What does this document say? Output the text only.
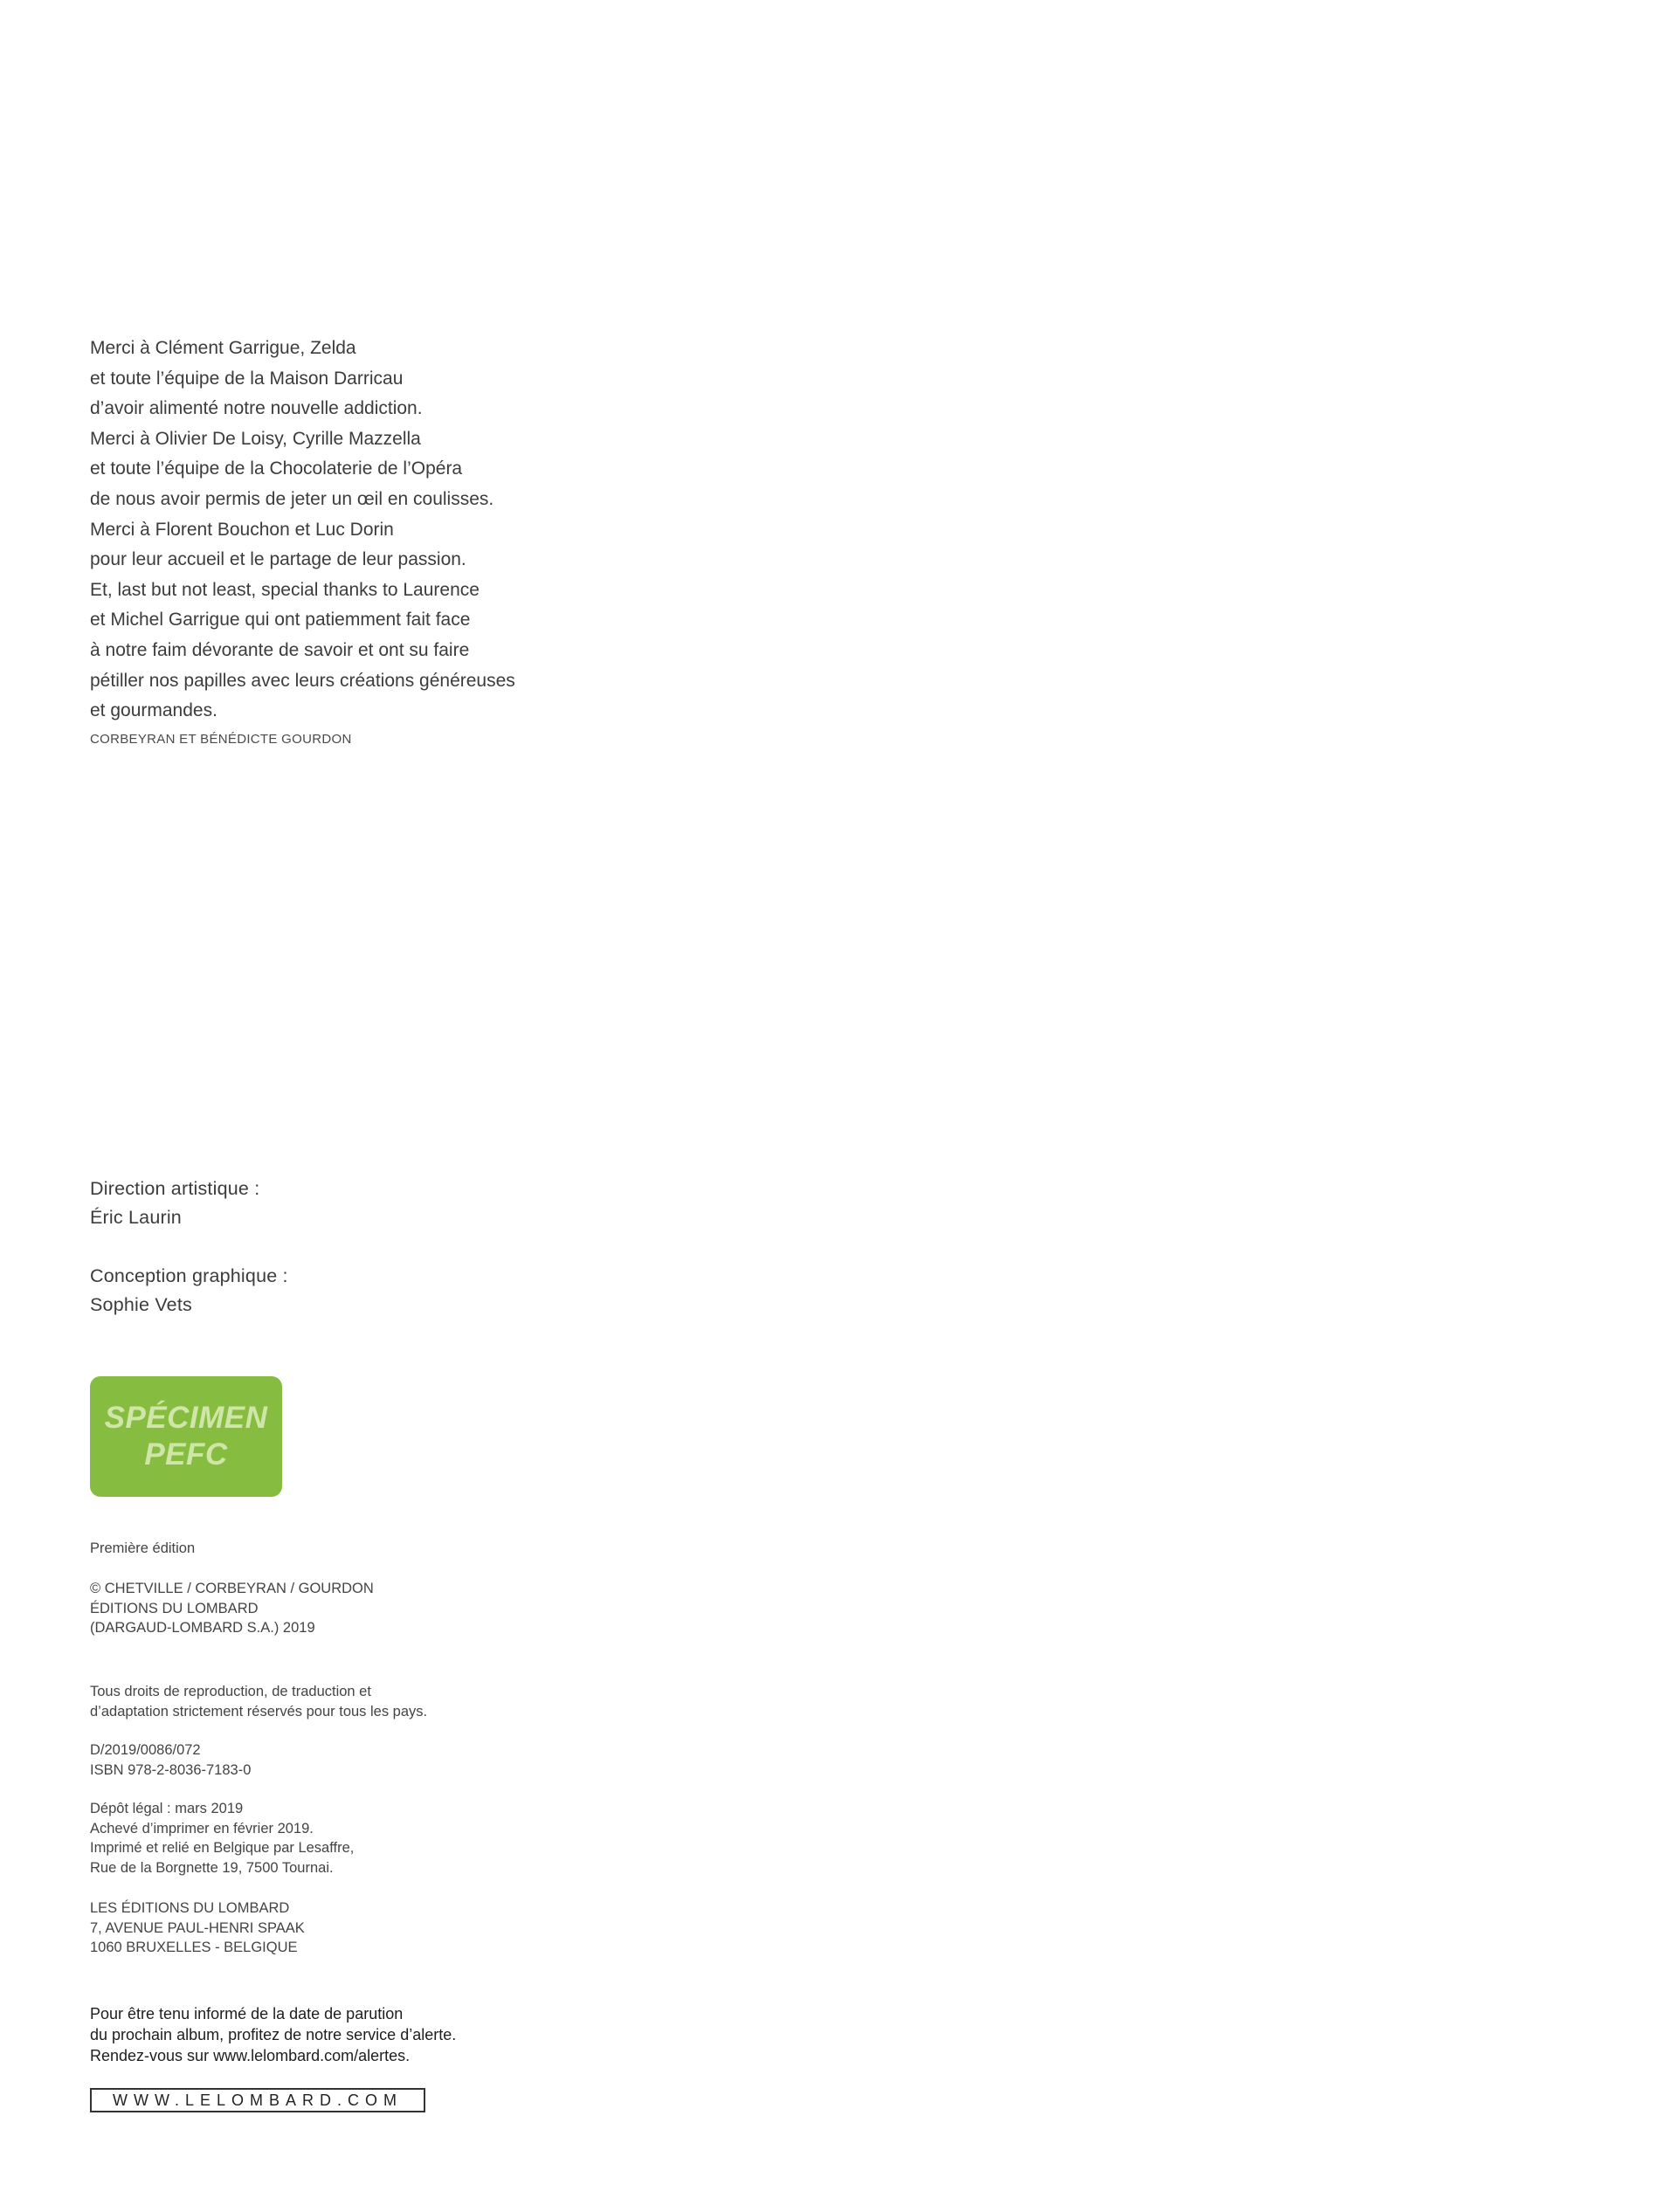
Merci à Clément Garrigue, Zelda
et toute l’équipe de la Maison Darricau
d’avoir alimenté notre nouvelle addiction.
Merci à Olivier De Loisy, Cyrille Mazzella
et toute l’équipe de la Chocolaterie de l’Opéra
de nous avoir permis de jeter un œil en coulisses.
Merci à Florent Bouchon et Luc Dorin
pour leur accueil et le partage de leur passion.
Et, last but not least, special thanks to Laurence
et Michel Garrigue qui ont patiemment fait face
à notre faim dévorante de savoir et ont su faire
pétiller nos papilles avec leurs créations généreuses
et gourmandes.
CORBEYRAN ET BÉNÉDICTE GOURDON
Direction artistique :
Éric Laurin
Conception graphique :
Sophie Vets
SPÉCIMEN
PEFC
Première édition
© CHETVILLE / CORBEYRAN / GOURDON
ÉDITIONS DU LOMBARD
(DARGAUD-LOMBARD S.A.) 2019
Tous droits de reproduction, de traduction et
d’adaptation strictement réservés pour tous les pays.
D/2019/0086/072
ISBN 978-2-8036-7183-0
Dépôt légal : mars 2019
Achevé d’imprimer en février 2019.
Imprimé et relié en Belgique par Lesaffre,
Rue de la Borgnette 19, 7500 Tournai.
LES ÉDITIONS DU LOMBARD
7, AVENUE PAUL-HENRI SPAAK
1060 BRUXELLES - BELGIQUE
Pour être tenu informé de la date de parution
du prochain album, profitez de notre service d’alerte.
Rendez-vous sur www.lelombard.com/alertes.
WWW.LELOMBARD.COM
